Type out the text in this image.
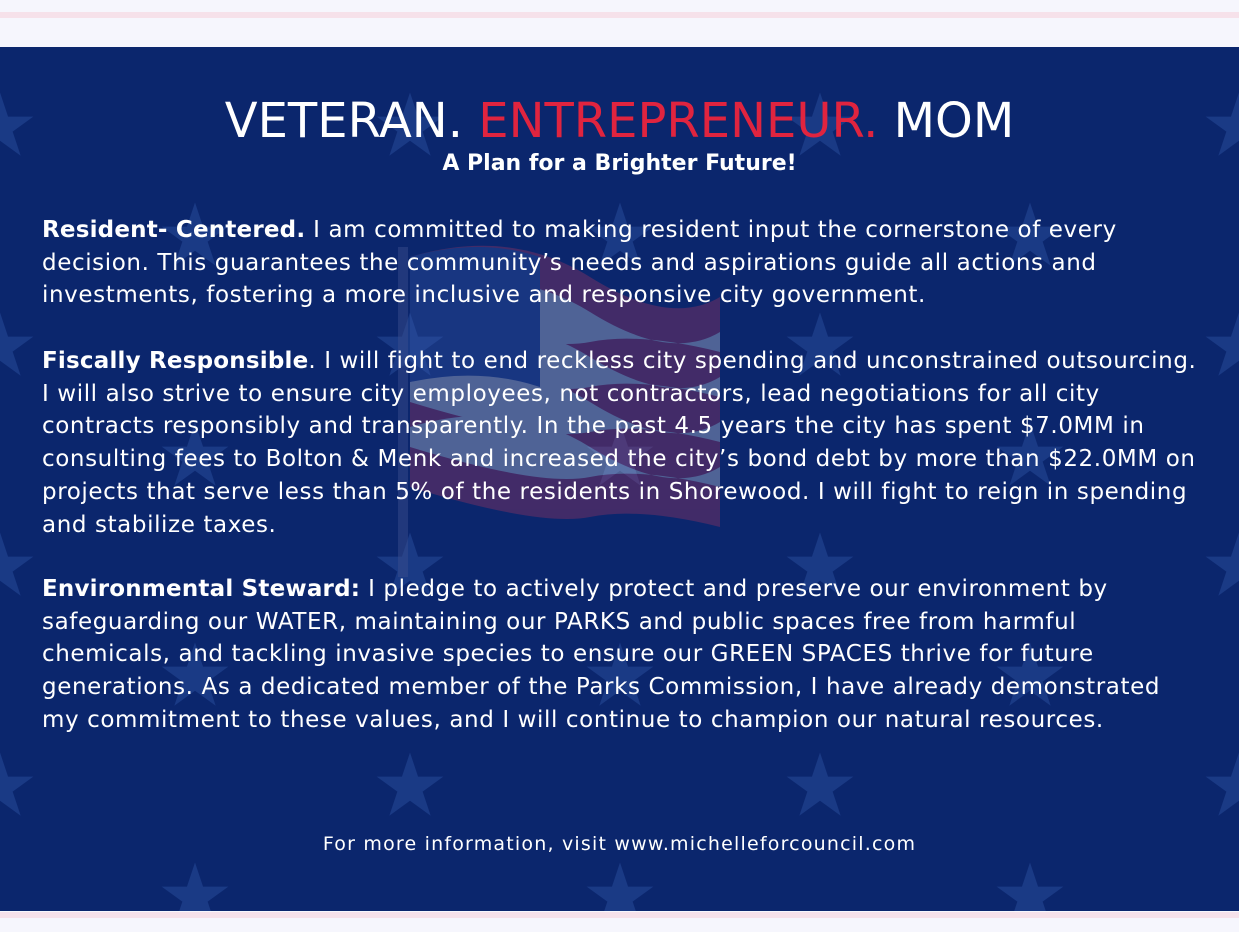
VETERAN. ENTREPRENEUR. MOM
A Plan for a Brighter Future!

Resident- Centered. I am committed to making resident input the cornerstone of every decision. This guarantees the community’s needs and aspirations guide all actions and investments, fostering a more inclusive and responsive city government.

Fiscally Responsible. I will fight to end reckless city spending and unconstrained outsourcing. I will also strive to ensure city employees, not contractors, lead negotiations for all city contracts responsibly and transparently. In the past 4.5 years the city has spent $7.0MM in consulting fees to Bolton & Menk and increased the city’s bond debt by more than $22.0MM on projects that serve less than 5% of the residents in Shorewood. I will fight to reign in spending and stabilize taxes.

Environmental Steward: I pledge to actively protect and preserve our environment by safeguarding our WATER, maintaining our PARKS and public spaces free from harmful chemicals, and tackling invasive species to ensure our GREEN SPACES thrive for future generations. As a dedicated member of the Parks Commission, I have already demonstrated my commitment to these values, and I will continue to champion our natural resources.

For more information, visit www.michelleforcouncil.com
